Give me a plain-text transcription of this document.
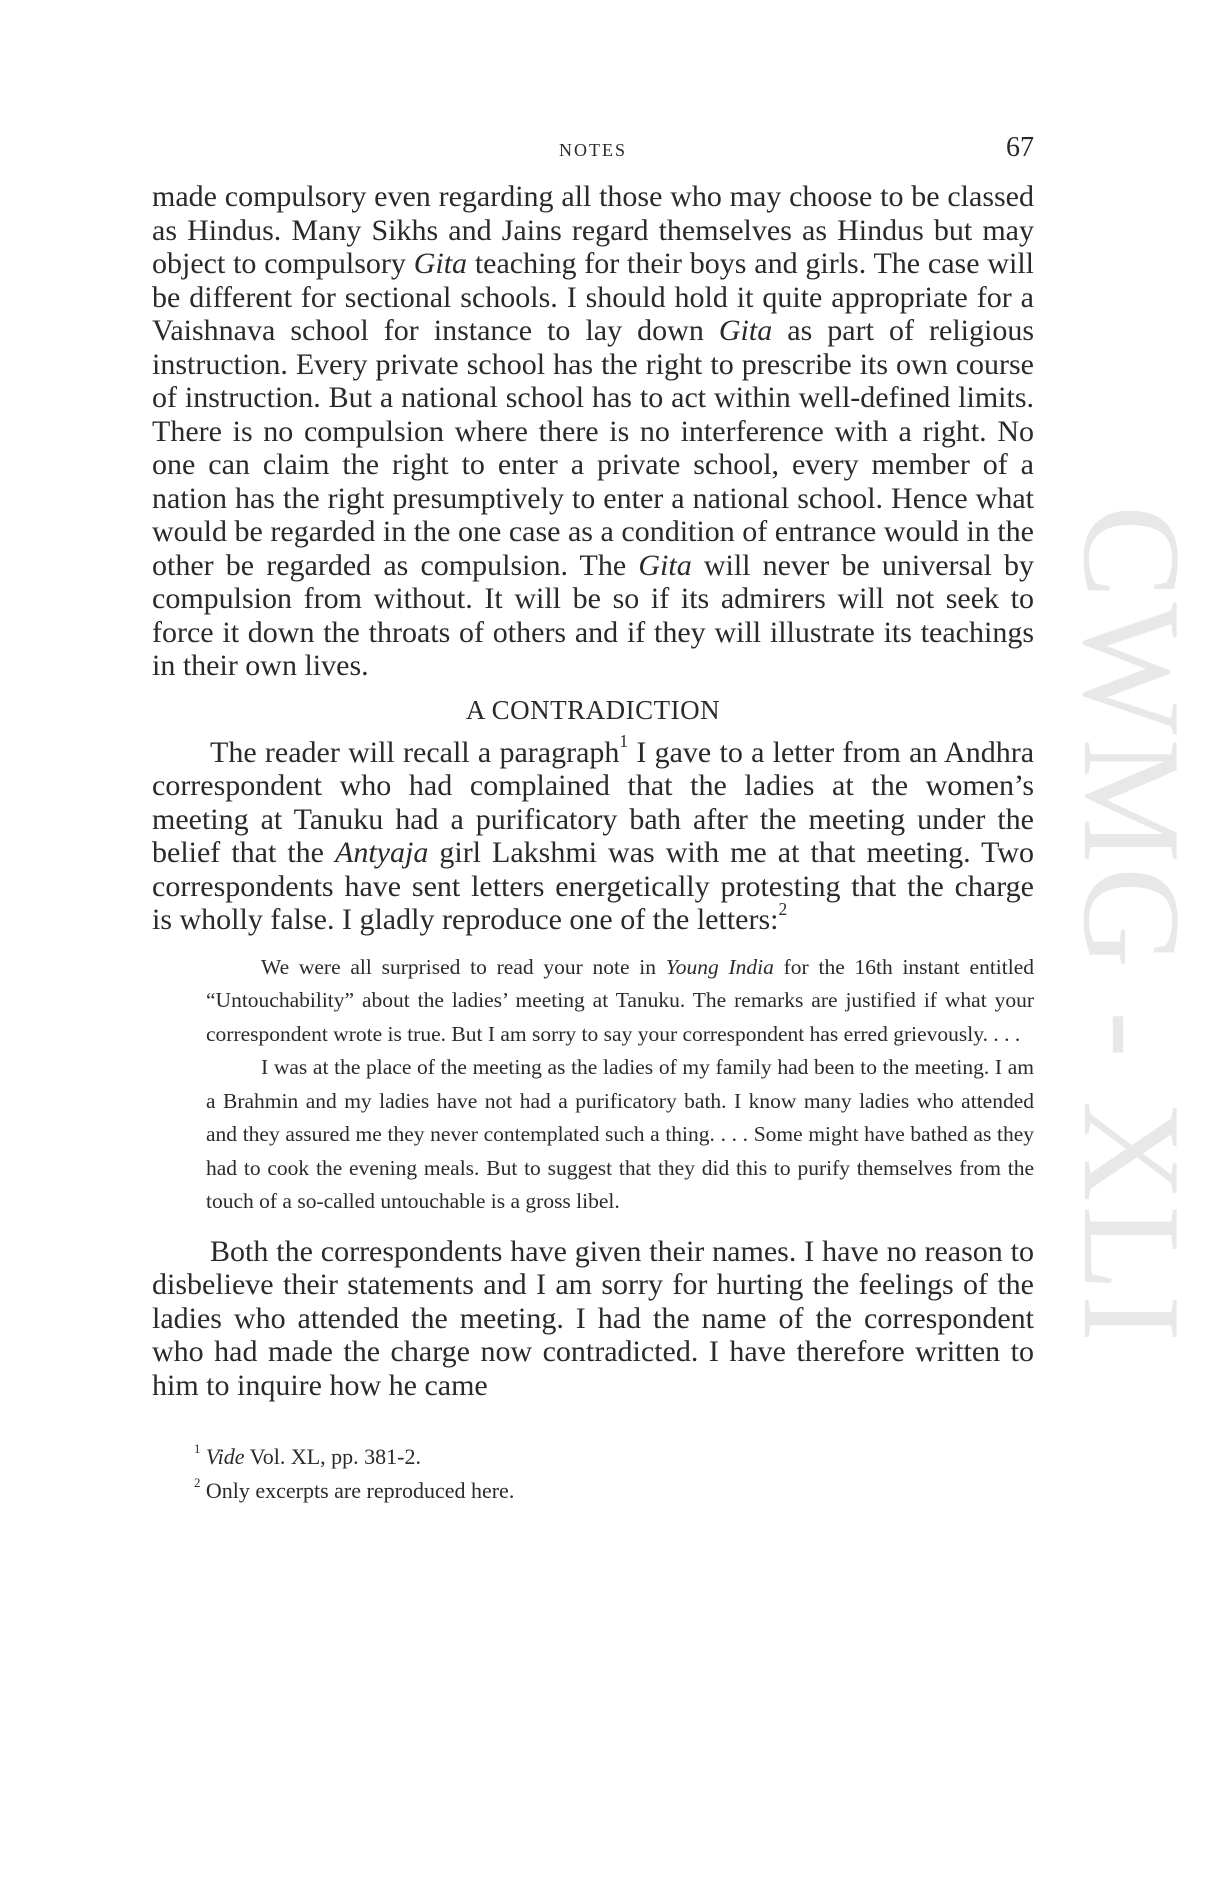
CWMG - XLI
NOTES	67

made compulsory even regarding all those who may choose to be classed as Hindus. Many Sikhs and Jains regard themselves as Hindus but may object to compulsory Gita teaching for their boys and girls. The case will be different for sectional schools. I should hold it quite appropriate for a Vaishnava school for instance to lay down Gita as part of religious instruction. Every private school has the right to prescribe its own course of instruction. But a national school has to act within well-defined limits. There is no compulsion where there is no interference with a right. No one can claim the right to enter a private school, every member of a nation has the right presumptively to enter a national school. Hence what would be regarded in the one case as a condition of entrance would in the other be regarded as compulsion. The Gita will never be universal by compulsion from without. It will be so if its admirers will not seek to force it down the throats of others and if they will illustrate its teachings in their own lives.

A CONTRADICTION

The reader will recall a paragraph$^1$ I gave to a letter from an Andhra correspondent who had complained that the ladies at the women’s meeting at Tanuku had a purificatory bath after the meeting under the belief that the Antyaja girl Lakshmi was with me at that meeting. Two correspondents have sent letters energetically protesting that the charge is wholly false. I gladly reproduce one of the letters:$^2$

We were all surprised to read your note in Young India for the 16th instant entitled “Untouchability” about the ladies’ meeting at Tanuku. The remarks are justified if what your correspondent wrote is true. But I am sorry to say your correspondent has erred grievously. . . .

I was at the place of the meeting as the ladies of my family had been to the meeting. I am a Brahmin and my ladies have not had a purificatory bath. I know many ladies who attended and they assured me they never contemplated such a thing. . . . Some might have bathed as they had to cook the evening meals. But to suggest that they did this to purify themselves from the touch of a so-called untouchable is a gross libel.

Both the correspondents have given their names. I have no reason to disbelieve their statements and I am sorry for hurting the feelings of the ladies who attended the meeting. I had the name of the correspondent who had made the charge now contradicted. I have therefore written to him to inquire how he came

$^1$ Vide Vol. XL, pp. 381-2.
$^2$ Only excerpts are reproduced here.
